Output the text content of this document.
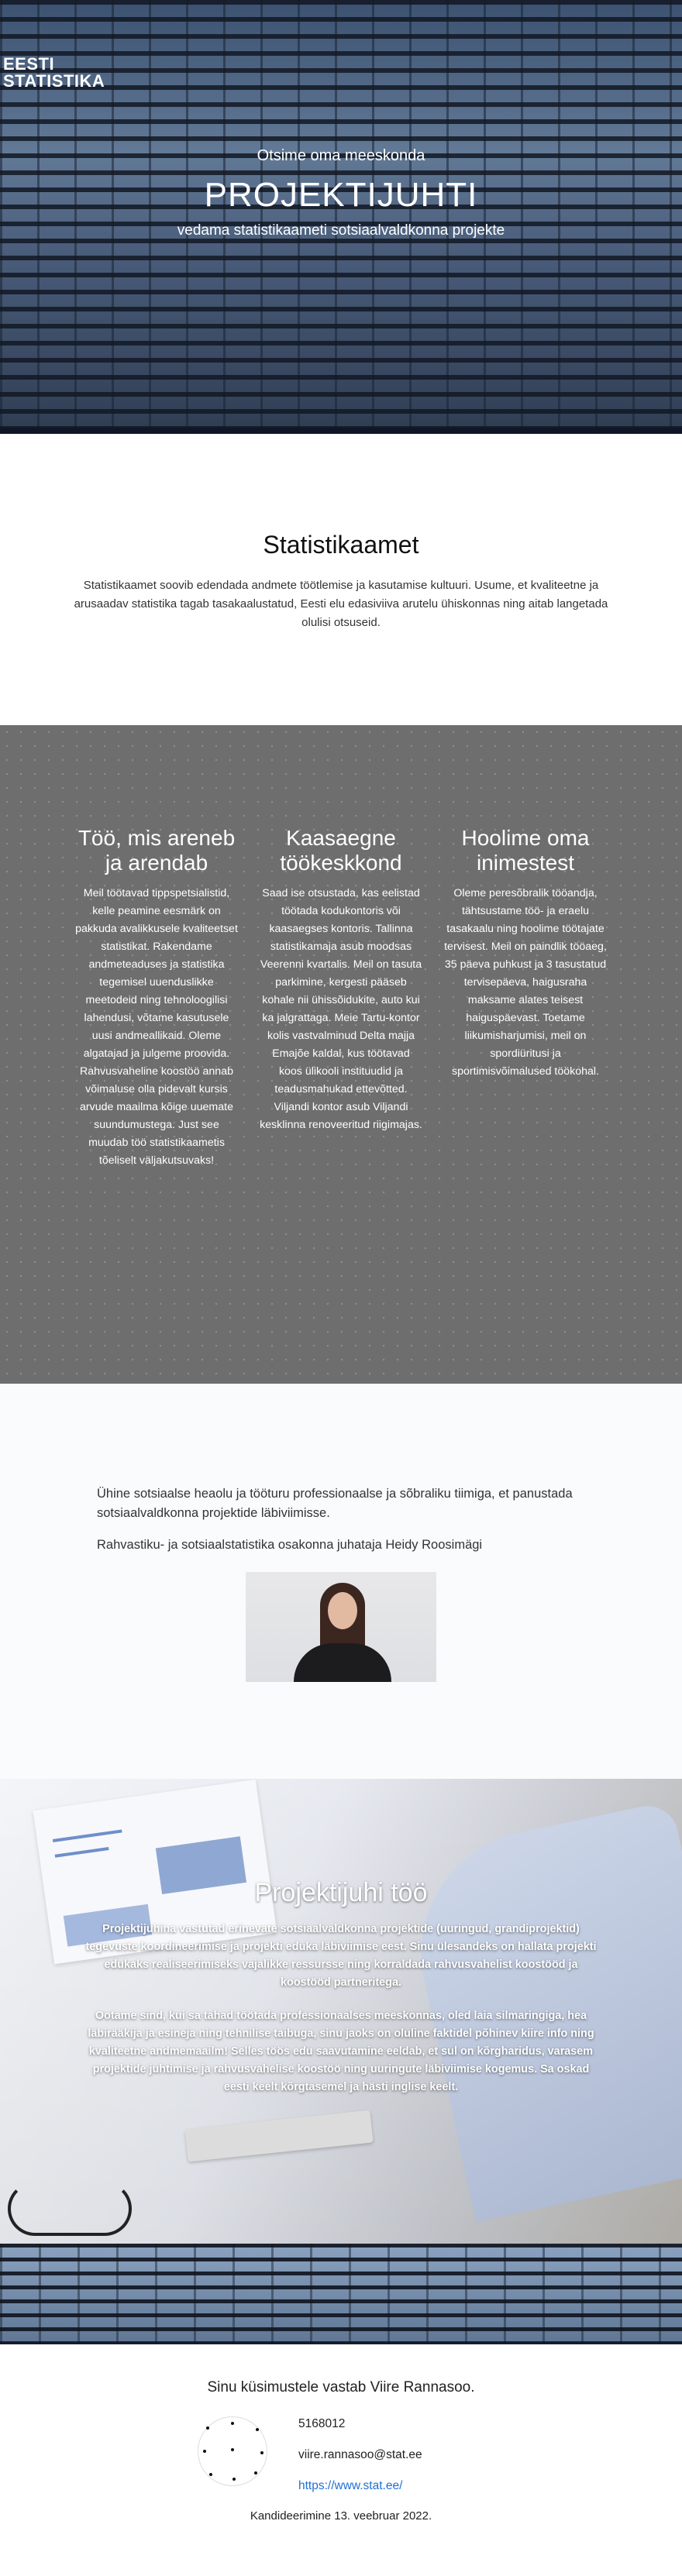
EESTI
STATISTIKA
Otsime oma meeskonda
PROJEKTIJUHTI
vedama statistikaameti sotsiaalvaldkonna projekte
Statistikaamet

Statistikaamet soovib edendada andmete töötlemise ja kasutamise kultuuri. Usume, et kvaliteetne ja arusaadav statistika tagab tasakaalustatud, Eesti elu edasiviiva arutelu ühiskonnas ning aitab langetada olulisi otsuseid.

Töö, mis areneb ja arendab

Meil töötavad tippspetsialistid, kelle peamine eesmärk on pakkuda avalikkusele kvaliteetset statistikat. Rakendame andmeteaduses ja statistika tegemisel uuenduslikke meetodeid ning tehnoloogilisi lahendusi, võtame kasutusele uusi andmeallikaid. Oleme algatajad ja julgeme proovida. Rahvusvaheline koostöö annab võimaluse olla pidevalt kursis arvude maailma kõige uuemate suundumustega. Just see muudab töö statistikaametis tõeliselt väljakutsuvaks!

Kaasaegne töökeskkond

Saad ise otsustada, kas eelistad töötada kodukontoris või kaasaegses kontoris. Tallinna statistikamaja asub moodsas Veerenni kvartalis. Meil on tasuta parkimine, kergesti pääseb kohale nii ühissõidukite, auto kui ka jalgrattaga. Meie Tartu-kontor kolis vastvalminud Delta majja Emajõe kaldal, kus töötavad koos ülikooli instituudid ja teadusmahukad ettevõtted. Viljandi kontor asub Viljandi kesklinna renoveeritud riigimajas.

Hoolime oma inimestest

Oleme peresõbralik tööandja, tähtsustame töö- ja eraelu tasakaalu ning hoolime töötajate tervisest. Meil on paindlik tööaeg, 35 päeva puhkust ja 3 tasustatud tervisepäeva, haigusraha maksame alates teisest haiguspäevast. Toetame liikumisharjumisi, meil on spordiüritusi ja sportimisvõimalused töökohal.

Ühine sotsiaalse heaolu ja tööturu professionaalse ja sõbraliku tiimiga, et panustada sotsiaalvaldkonna projektide läbiviimisse.

Rahvastiku- ja sotsiaalstatistika osakonna juhataja Heidy Roosimägi

Projektijuhi töö

Projektijuhina vastutad erinevate sotsiaalvaldkonna projektide (uuringud, grandiprojektid) tegevuste koordineerimise ja projekti eduka läbiviimise eest. Sinu ülesandeks on hallata projekti edukaks realiseerimiseks vajalikke ressursse ning korraldada rahvusvahelist koostööd ja koostööd partneritega.

Ootame sind, kui sa tahad töötada professionaalses meeskonnas, oled laia silmaringiga, hea läbirääkija ja esineja ning tehnilise taibuga, sinu jaoks on oluline faktidel põhinev kiire info ning kvaliteetne andmemaailm! Selles töös edu saavutamine eeldab, et sul on kõrgharidus, varasem projektide juhtimise ja rahvusvahelise koostöö ning uuringute läbiviimise kogemus. Sa oskad eesti keelt kõrgtasemel ja hästi inglise keelt.

Sinu küsimustele vastab Viire Rannasoo.
5168012
viire.rannasoo@stat.ee
https://www.stat.ee/
Kandideerimine 13. veebruar 2022.
